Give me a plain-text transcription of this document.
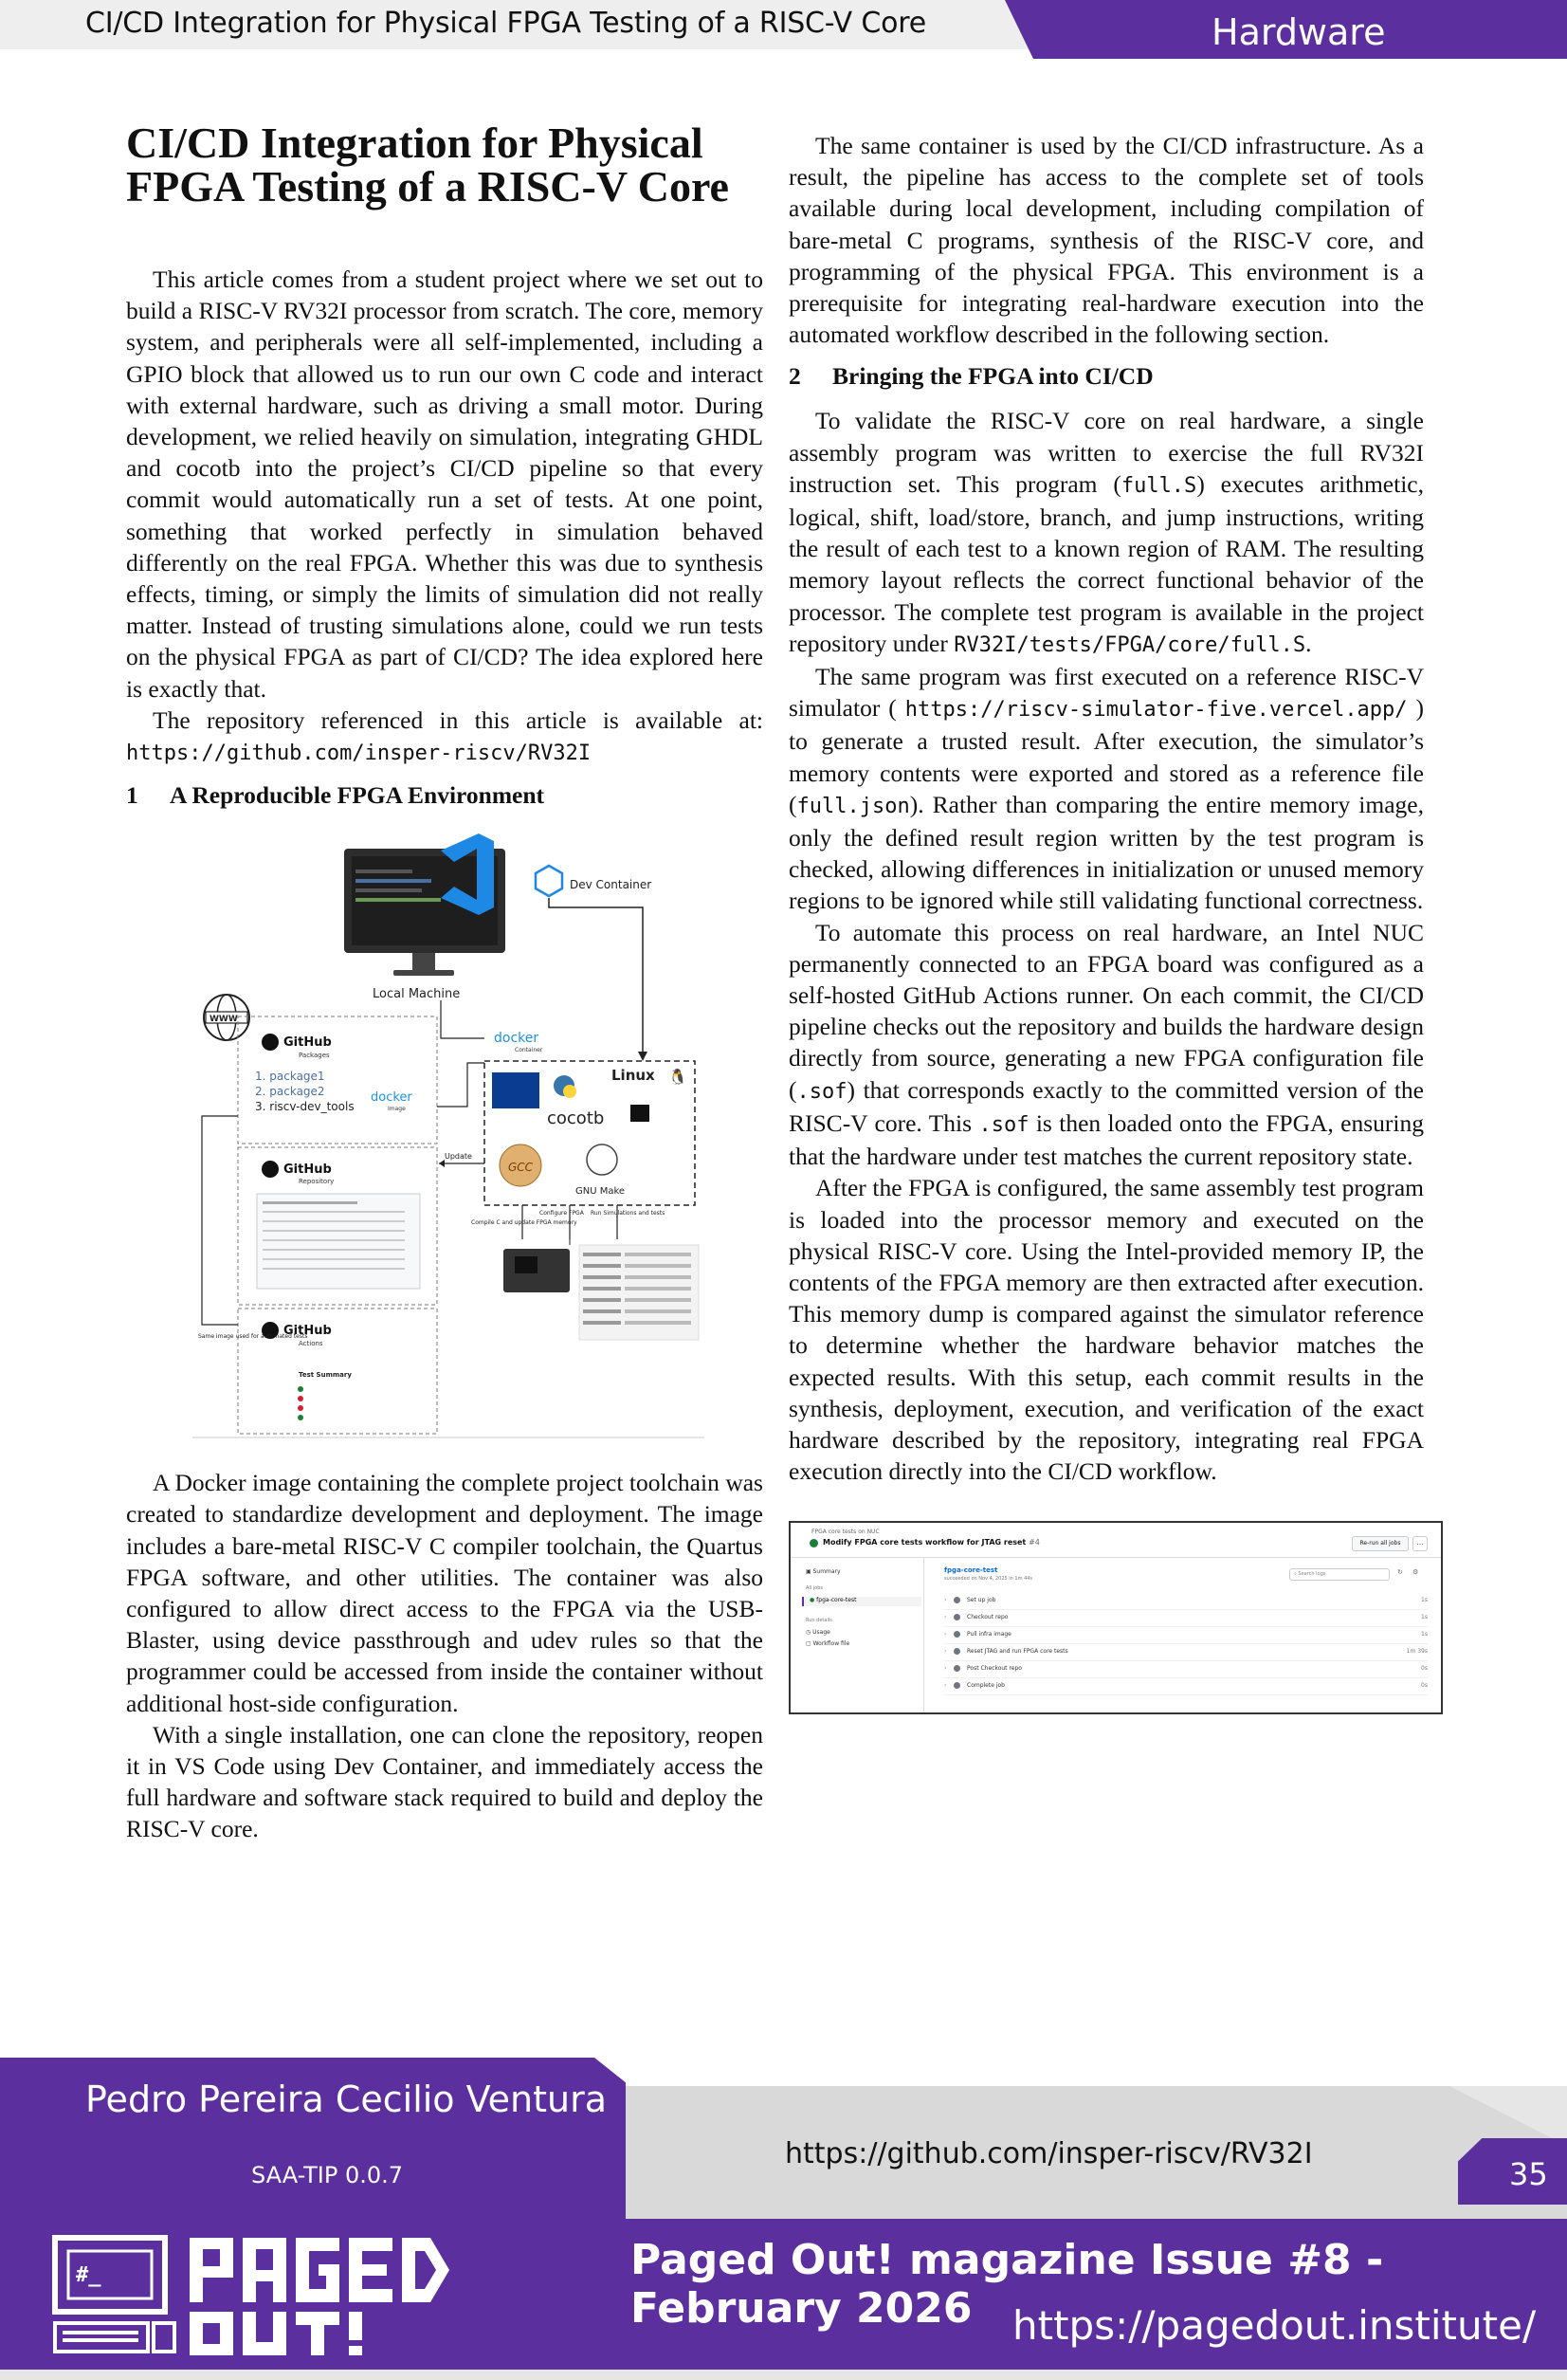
CI/CD Integration for Physical FPGA Testing of a RISC-V Core	Hardware
CI/CD Integration for Physical FPGA Testing of a RISC-V Core

This article comes from a student project where we set out to build a RISC-V RV32I processor from scratch. The core, memory system, and peripherals were all self-implemented, including a GPIO block that allowed us to run our own C code and interact with external hardware, such as driving a small motor. During development, we relied heavily on simulation, integrating GHDL and cocotb into the project’s CI/CD pipeline so that every commit would automatically run a set of tests. At one point, something that worked perfectly in simulation behaved differently on the real FPGA. Whether this was due to synthesis effects, timing, or simply the limits of simulation did not really matter. Instead of trusting simulations alone, could we run tests on the physical FPGA as part of CI/CD? The idea explored here is exactly that.

The repository referenced in this article is available at: https://github.com/insper-riscv/RV32I

1 A Reproducible FPGA Environment
Local Machine
Dev Container
WWW
GitHub
Packages
1. package1
2. package2
3. riscv-dev_tools
docker
Image
GitHub
Repository
GitHub
Actions
Same image used for automated tests
Test Summary
docker
Container
Linux 🐧
cocotb
GCC
GNU Make
Update
Compile C and update FPGA memory
Configure FPGA Run Simulations and tests

A Docker image containing the complete project toolchain was created to standardize development and deployment. The image includes a bare-metal RISC-V C compiler toolchain, the Quartus FPGA software, and other utilities. The container was also configured to allow direct access to the FPGA via the USB-Blaster, using device passthrough and udev rules so that the programmer could be accessed from inside the container without additional host-side configuration.

With a single installation, one can clone the repository, reopen it in VS Code using Dev Container, and immediately access the full hardware and software stack required to build and deploy the RISC-V core.

The same container is used by the CI/CD infrastructure. As a result, the pipeline has access to the complete set of tools available during local development, including compilation of bare-metal C programs, synthesis of the RISC-V core, and programming of the physical FPGA. This environment is a prerequisite for integrating real-hardware execution into the automated workflow described in the following section.

2 Bringing the FPGA into CI/CD

To validate the RISC-V core on real hardware, a single assembly program was written to exercise the full RV32I instruction set. This program (full.S) executes arithmetic, logical, shift, load/store, branch, and jump instructions, writing the result of each test to a known region of RAM. The resulting memory layout reflects the correct functional behavior of the processor. The complete test program is available in the project repository under RV32I/tests/FPGA/core/full.S.

The same program was first executed on a reference RISC-V simulator ( https://riscv-simulator-five.vercel.app/ ) to generate a trusted result. After execution, the simulator’s memory contents were exported and stored as a reference file (full.json). Rather than comparing the entire memory image, only the defined result region written by the test program is checked, allowing differences in initialization or unused memory regions to be ignored while still validating functional correctness.

To automate this process on real hardware, an Intel NUC permanently connected to an FPGA board was configured as a self-hosted GitHub Actions runner. On each commit, the CI/CD pipeline checks out the repository and builds the hardware design directly from source, generating a new FPGA configuration file (.sof) that corresponds exactly to the committed version of the RISC-V core. This .sof is then loaded onto the FPGA, ensuring that the hardware under test matches the current repository state.

After the FPGA is configured, the same assembly test program is loaded into the processor memory and executed on the physical RISC-V core. Using the Intel-provided memory IP, the contents of the FPGA memory are then extracted after execution. This memory dump is compared against the simulator reference to determine whether the hardware behavior matches the expected results. With this setup, each commit results in the synthesis, deployment, execution, and verification of the exact hardware described by the repository, integrating real FPGA execution directly into the CI/CD workflow.

FPGA core tests on NUC
Modify FPGA core tests workflow for JTAG reset #4	Re-run all jobs	…
▣ Summary
All jobs
● fpga-core-test
Run details
◷ Usage
▢ Workflow file
fpga-core-test
succeeded on Nov 4, 2025 in 1m 44s
⌕ Search logs	↻ ⚙
›	Set up job	1s
›	Checkout repo	1s
›	Pull infra image	1s
›	Reset JTAG and run FPGA core tests	1m 39s
›	Post Checkout repo	0s
›	Complete job	0s
Pedro Pereira Cecilio Ventura
SAA-TIP 0.0.7
https://github.com/insper-riscv/RV32I
35
#_	Paged Out! magazine Issue #8 - February 2026	https://pagedout.institute/
